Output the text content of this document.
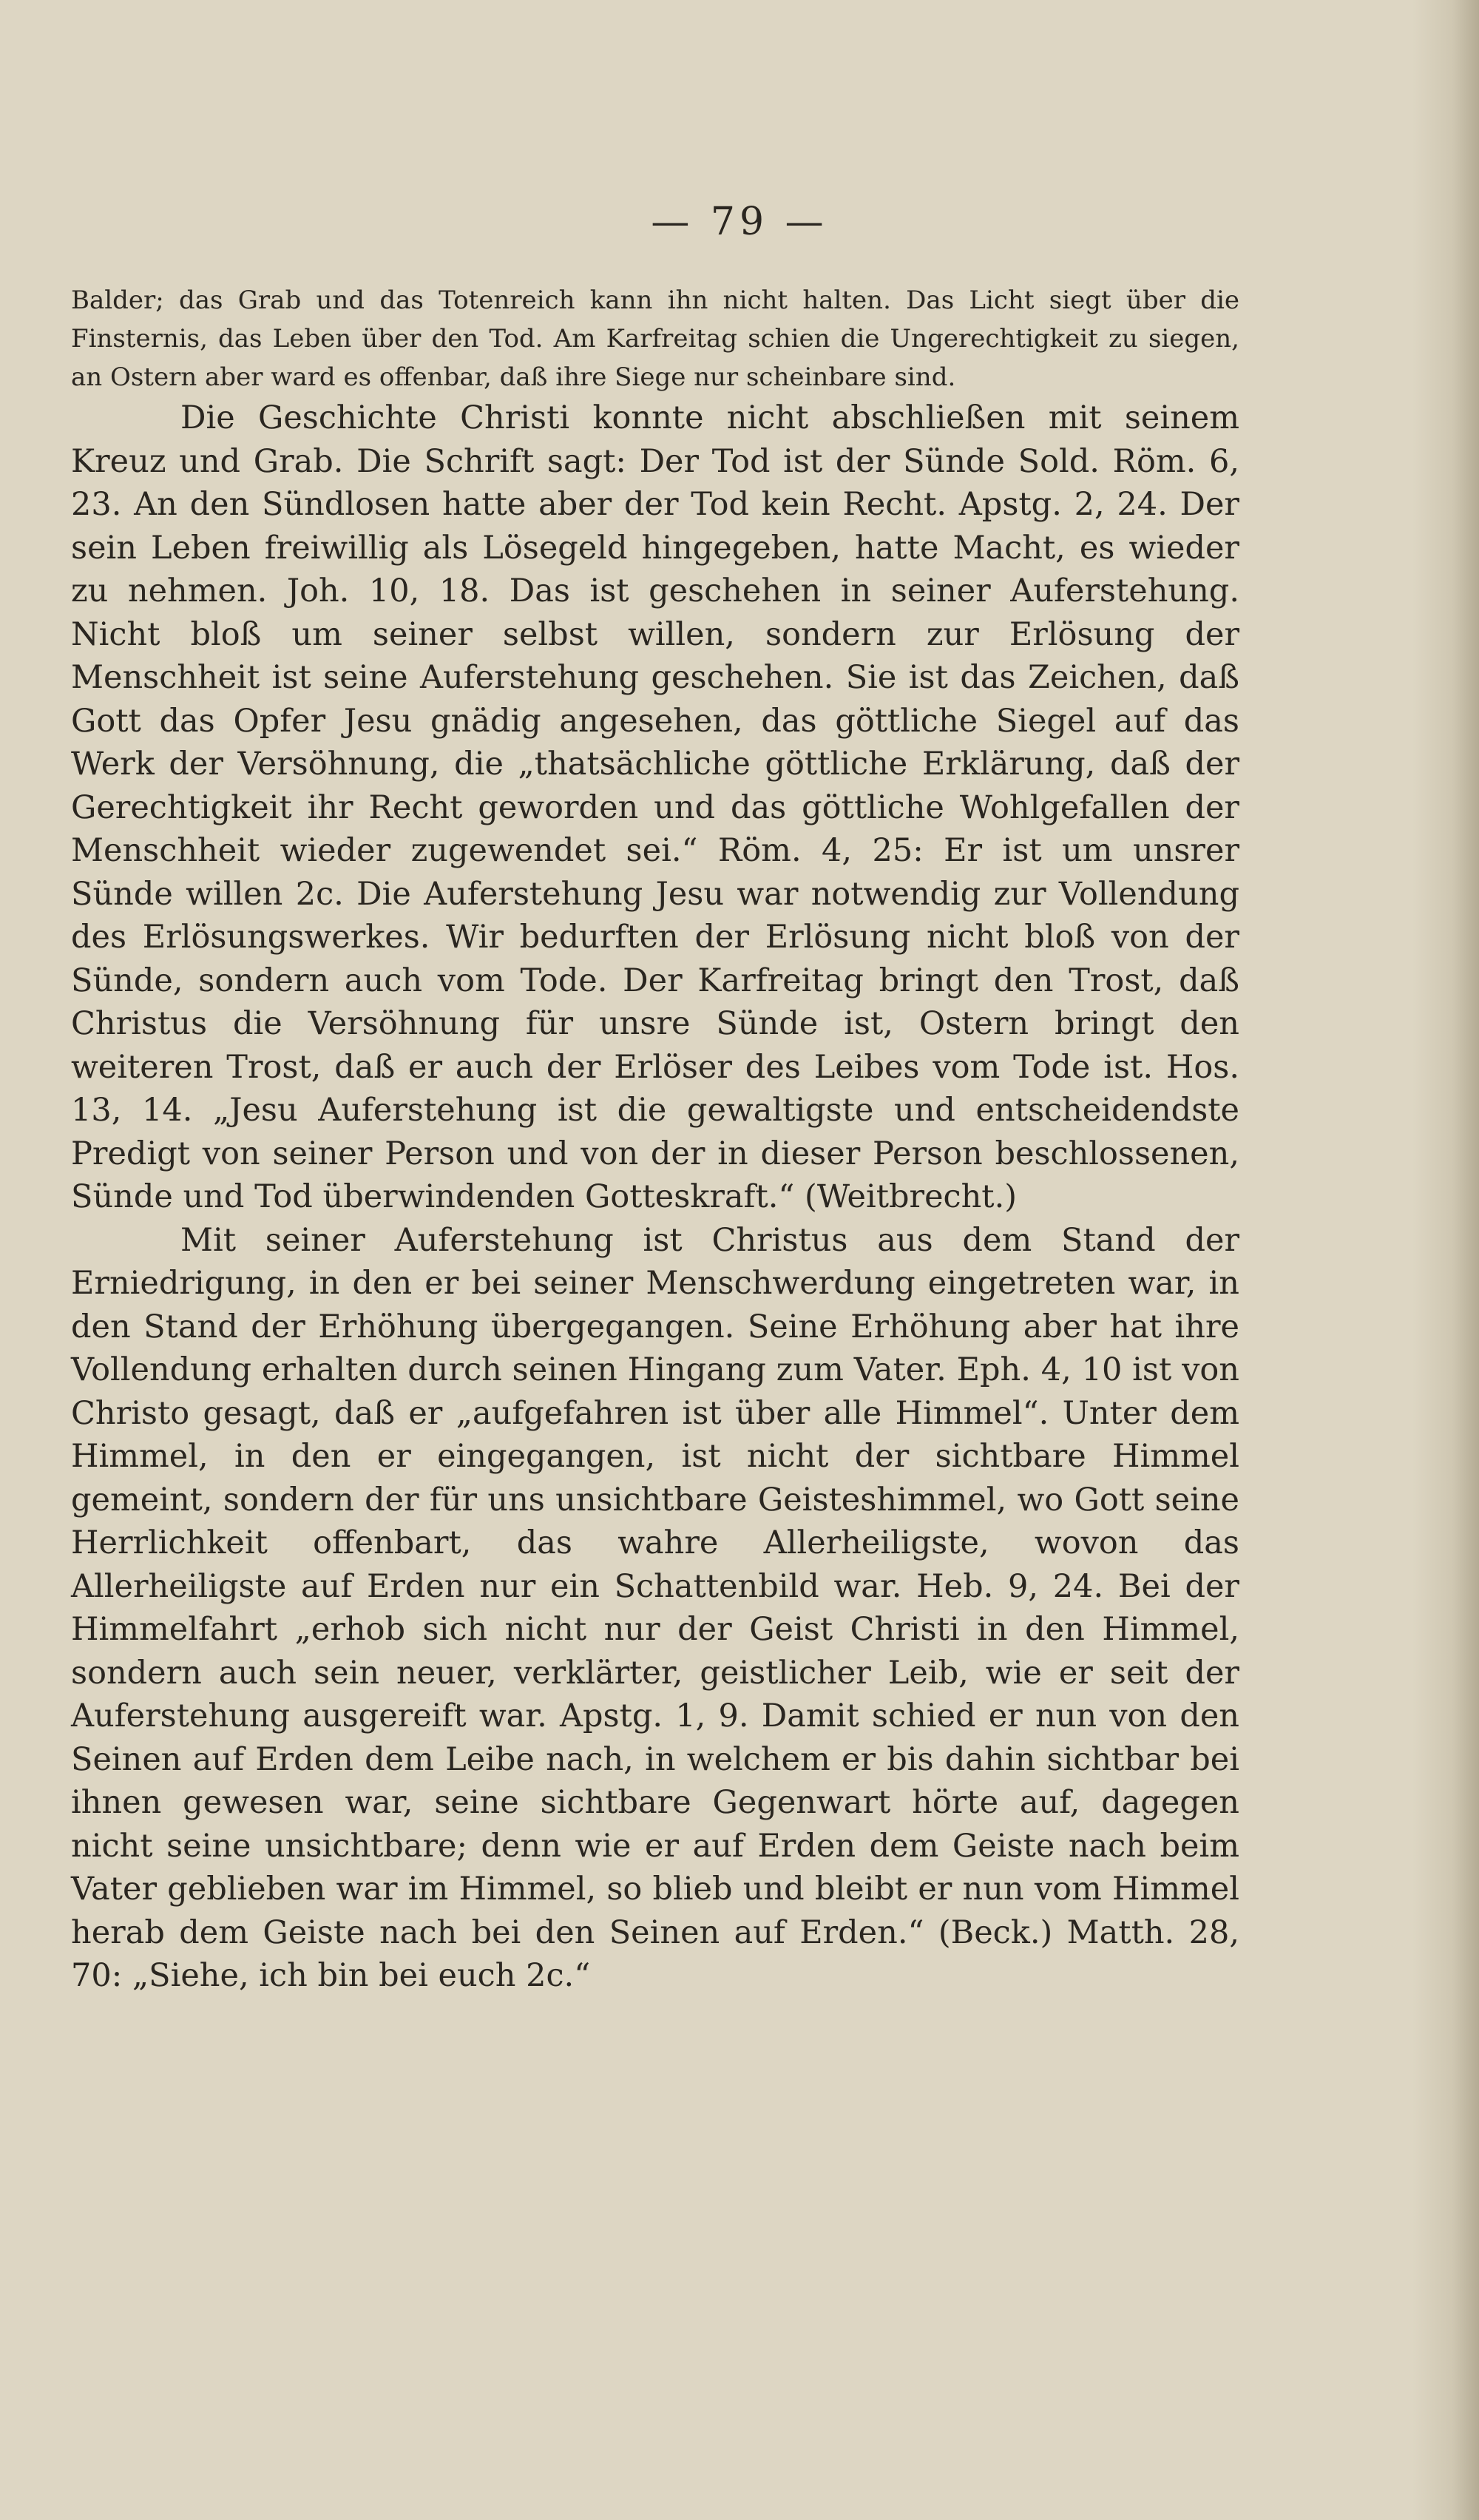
— 79 —

Balder; das Grab und das Totenreich kann ihn nicht halten. Das Licht siegt über die Finsternis, das Leben über den Tod. Am Karfreitag schien die Ungerechtigkeit zu siegen, an Ostern aber ward es offenbar, daß ihre Siege nur scheinbare sind.

Die Geschichte Christi konnte nicht abschließen mit seinem Kreuz und Grab. Die Schrift sagt: Der Tod ist der Sünde Sold. Röm. 6, 23. An den Sündlosen hatte aber der Tod kein Recht. Apstg. 2, 24. Der sein Leben freiwillig als Lösegeld hingegeben, hatte Macht, es wieder zu nehmen. Joh. 10, 18. Das ist geschehen in seiner Auferstehung. Nicht bloß um seiner selbst willen, sondern zur Erlösung der Menschheit ist seine Auferstehung geschehen. Sie ist das Zeichen, daß Gott das Opfer Jesu gnädig angesehen, das göttliche Siegel auf das Werk der Versöhnung, die „thatsächliche göttliche Erklärung, daß der Gerechtigkeit ihr Recht geworden und das göttliche Wohlgefallen der Menschheit wieder zugewendet sei.“ Röm. 4, 25: Er ist um unsrer Sünde willen 2c. Die Auferstehung Jesu war notwendig zur Vollendung des Erlösungswerkes. Wir bedurften der Erlösung nicht bloß von der Sünde, sondern auch vom Tode. Der Karfreitag bringt den Trost, daß Christus die Versöhnung für unsre Sünde ist, Ostern bringt den weiteren Trost, daß er auch der Erlöser des Leibes vom Tode ist. Hos. 13, 14. „Jesu Auferstehung ist die gewaltigste und entscheidendste Predigt von seiner Person und von der in dieser Person beschlossenen, Sünde und Tod überwindenden Gotteskraft.“ (Weitbrecht.)

Mit seiner Auferstehung ist Christus aus dem Stand der Erniedrigung, in den er bei seiner Menschwerdung eingetreten war, in den Stand der Erhöhung übergegangen. Seine Erhöhung aber hat ihre Vollendung erhalten durch seinen Hingang zum Vater. Eph. 4, 10 ist von Christo gesagt, daß er „aufgefahren ist über alle Himmel“. Unter dem Himmel, in den er eingegangen, ist nicht der sichtbare Himmel gemeint, sondern der für uns unsichtbare Geisteshimmel, wo Gott seine Herrlichkeit offenbart, das wahre Allerheiligste, wovon das Allerheiligste auf Erden nur ein Schattenbild war. Heb. 9, 24. Bei der Himmelfahrt „erhob sich nicht nur der Geist Christi in den Himmel, sondern auch sein neuer, verklärter, geistlicher Leib, wie er seit der Auferstehung ausgereift war. Apstg. 1, 9. Damit schied er nun von den Seinen auf Erden dem Leibe nach, in welchem er bis dahin sichtbar bei ihnen gewesen war, seine sichtbare Gegenwart hörte auf, dagegen nicht seine unsichtbare; denn wie er auf Erden dem Geiste nach beim Vater geblieben war im Himmel, so blieb und bleibt er nun vom Himmel herab dem Geiste nach bei den Seinen auf Erden.“ (Beck.) Matth. 28, 70: „Siehe, ich bin bei euch 2c.“
